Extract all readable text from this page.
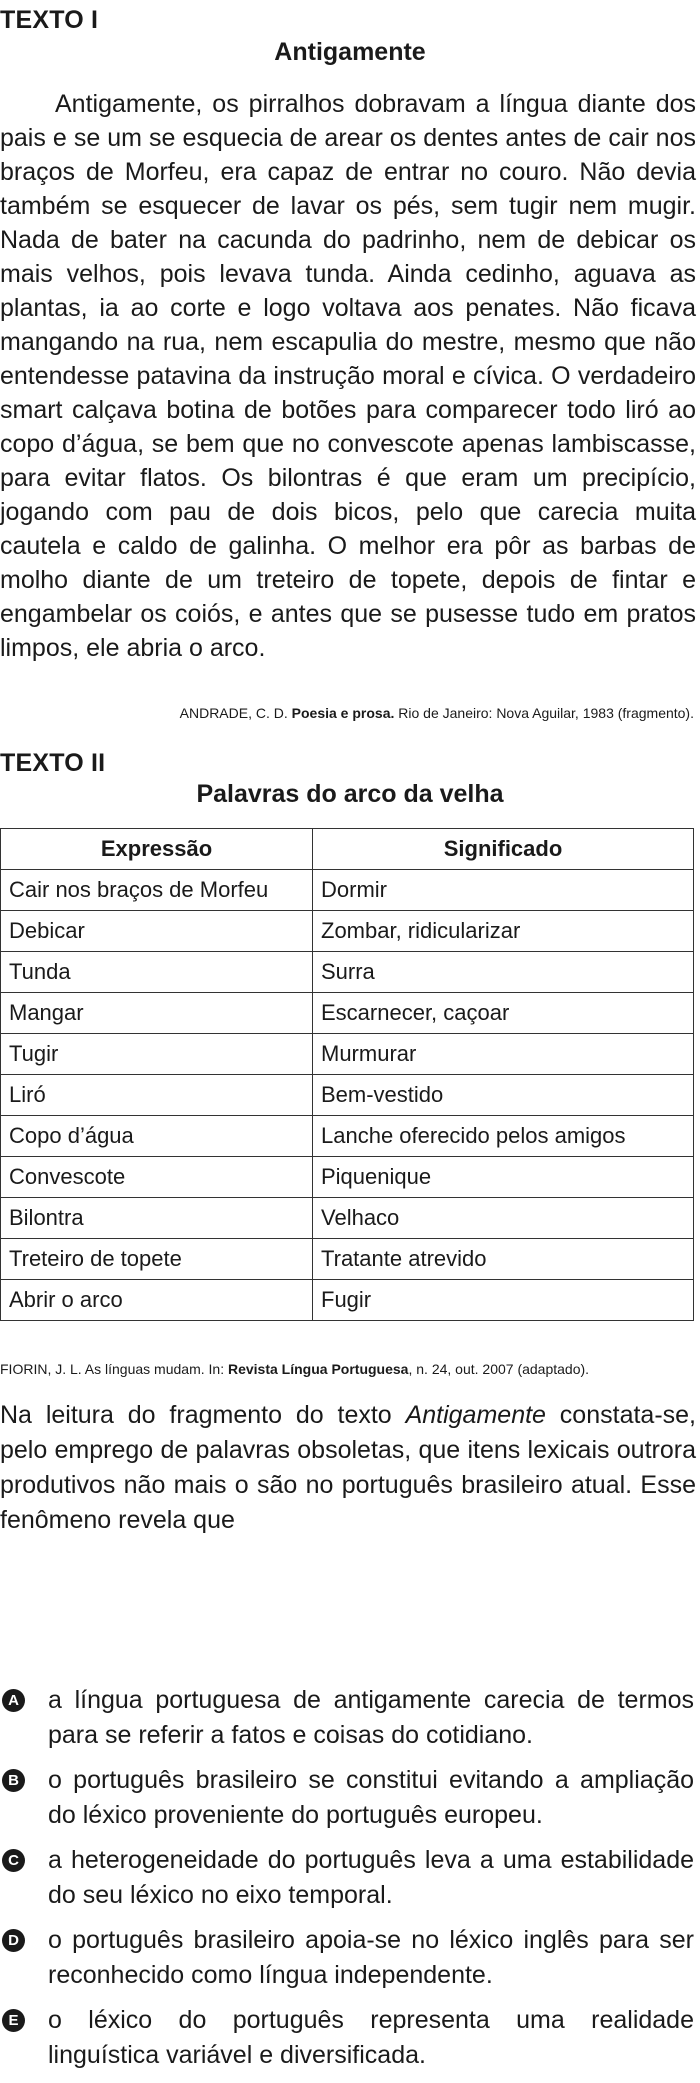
TEXTO I
Antigamente

Antigamente, os pirralhos dobravam a língua diante dos pais e se um se esquecia de arear os dentes antes de cair nos braços de Morfeu, era capaz de entrar no couro. Não devia também se esquecer de lavar os pés, sem tugir nem mugir. Nada de bater na cacunda do padrinho, nem de debicar os mais velhos, pois levava tunda. Ainda cedinho, aguava as plantas, ia ao corte e logo voltava aos penates. Não ficava mangando na rua, nem escapulia do mestre, mesmo que não entendesse patavina da instrução moral e cívica. O verdadeiro smart calçava botina de botões para comparecer todo liró ao copo d’água, se bem que no convescote apenas lambiscasse, para evitar flatos. Os bilontras é que eram um precipício, jogando com pau de dois bicos, pelo que carecia muita cautela e caldo de galinha. O melhor era pôr as barbas de molho diante de um treteiro de topete, depois de fintar e engambelar os coiós, e antes que se pusesse tudo em pratos limpos, ele abria o arco.

ANDRADE, C. D. Poesia e prosa. Rio de Janeiro: Nova Aguilar, 1983 (fragmento).
TEXTO II
Palavras do arco da velha
Expressão	Significado
Cair nos braços de Morfeu	Dormir
Debicar	Zombar, ridicularizar
Tunda	Surra
Mangar	Escarnecer, caçoar
Tugir	Murmurar
Liró	Bem-vestido
Copo d’água	Lanche oferecido pelos amigos
Convescote	Piquenique
Bilontra	Velhaco
Treteiro de topete	Tratante atrevido
Abrir o arco	Fugir
FIORIN, J. L. As línguas mudam. In: Revista Língua Portuguesa, n. 24, out. 2007 (adaptado).

Na leitura do fragmento do texto Antigamente constata-se, pelo emprego de palavras obsoletas, que itens lexicais outrora produtivos não mais o são no português brasileiro atual. Esse fenômeno revela que

A a língua portuguesa de antigamente carecia de termos para se referir a fatos e coisas do cotidiano.
B o português brasileiro se constitui evitando a ampliação do léxico proveniente do português europeu.
C a heterogeneidade do português leva a uma estabilidade do seu léxico no eixo temporal.
D o português brasileiro apoia-se no léxico inglês para ser reconhecido como língua independente.
E o léxico do português representa uma realidade linguística variável e diversificada.
